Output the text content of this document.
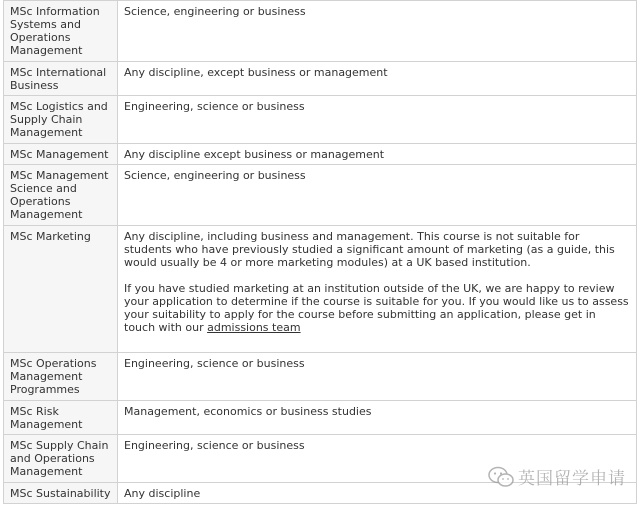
MSc Information Systems and Operations Management	Science, engineering or business
MSc International Business	Any discipline, except business or management
MSc Logistics and Supply Chain Management	Engineering, science or business
MSc Management	Any discipline except business or management
MSc Management Science and Operations Management	Science, engineering or business
MSc Marketing	Any discipline, including business and management. This course is not suitable for students who have previously studied a significant amount of marketing (as a guide, this would usually be 4 or more marketing modules) at a UK based institution.

If you have studied marketing at an institution outside of the UK, we are happy to review your application to determine if the course is suitable for you. If you would like us to assess your suitability to apply for the course before submitting an application, please get in touch with our admissions team

MSc Operations Management Programmes	Engineering, science or business
MSc Risk Management	Management, economics or business studies
MSc Supply Chain and Operations Management	Engineering, science or business
MSc Sustainability	Any discipline
英国留学申请
